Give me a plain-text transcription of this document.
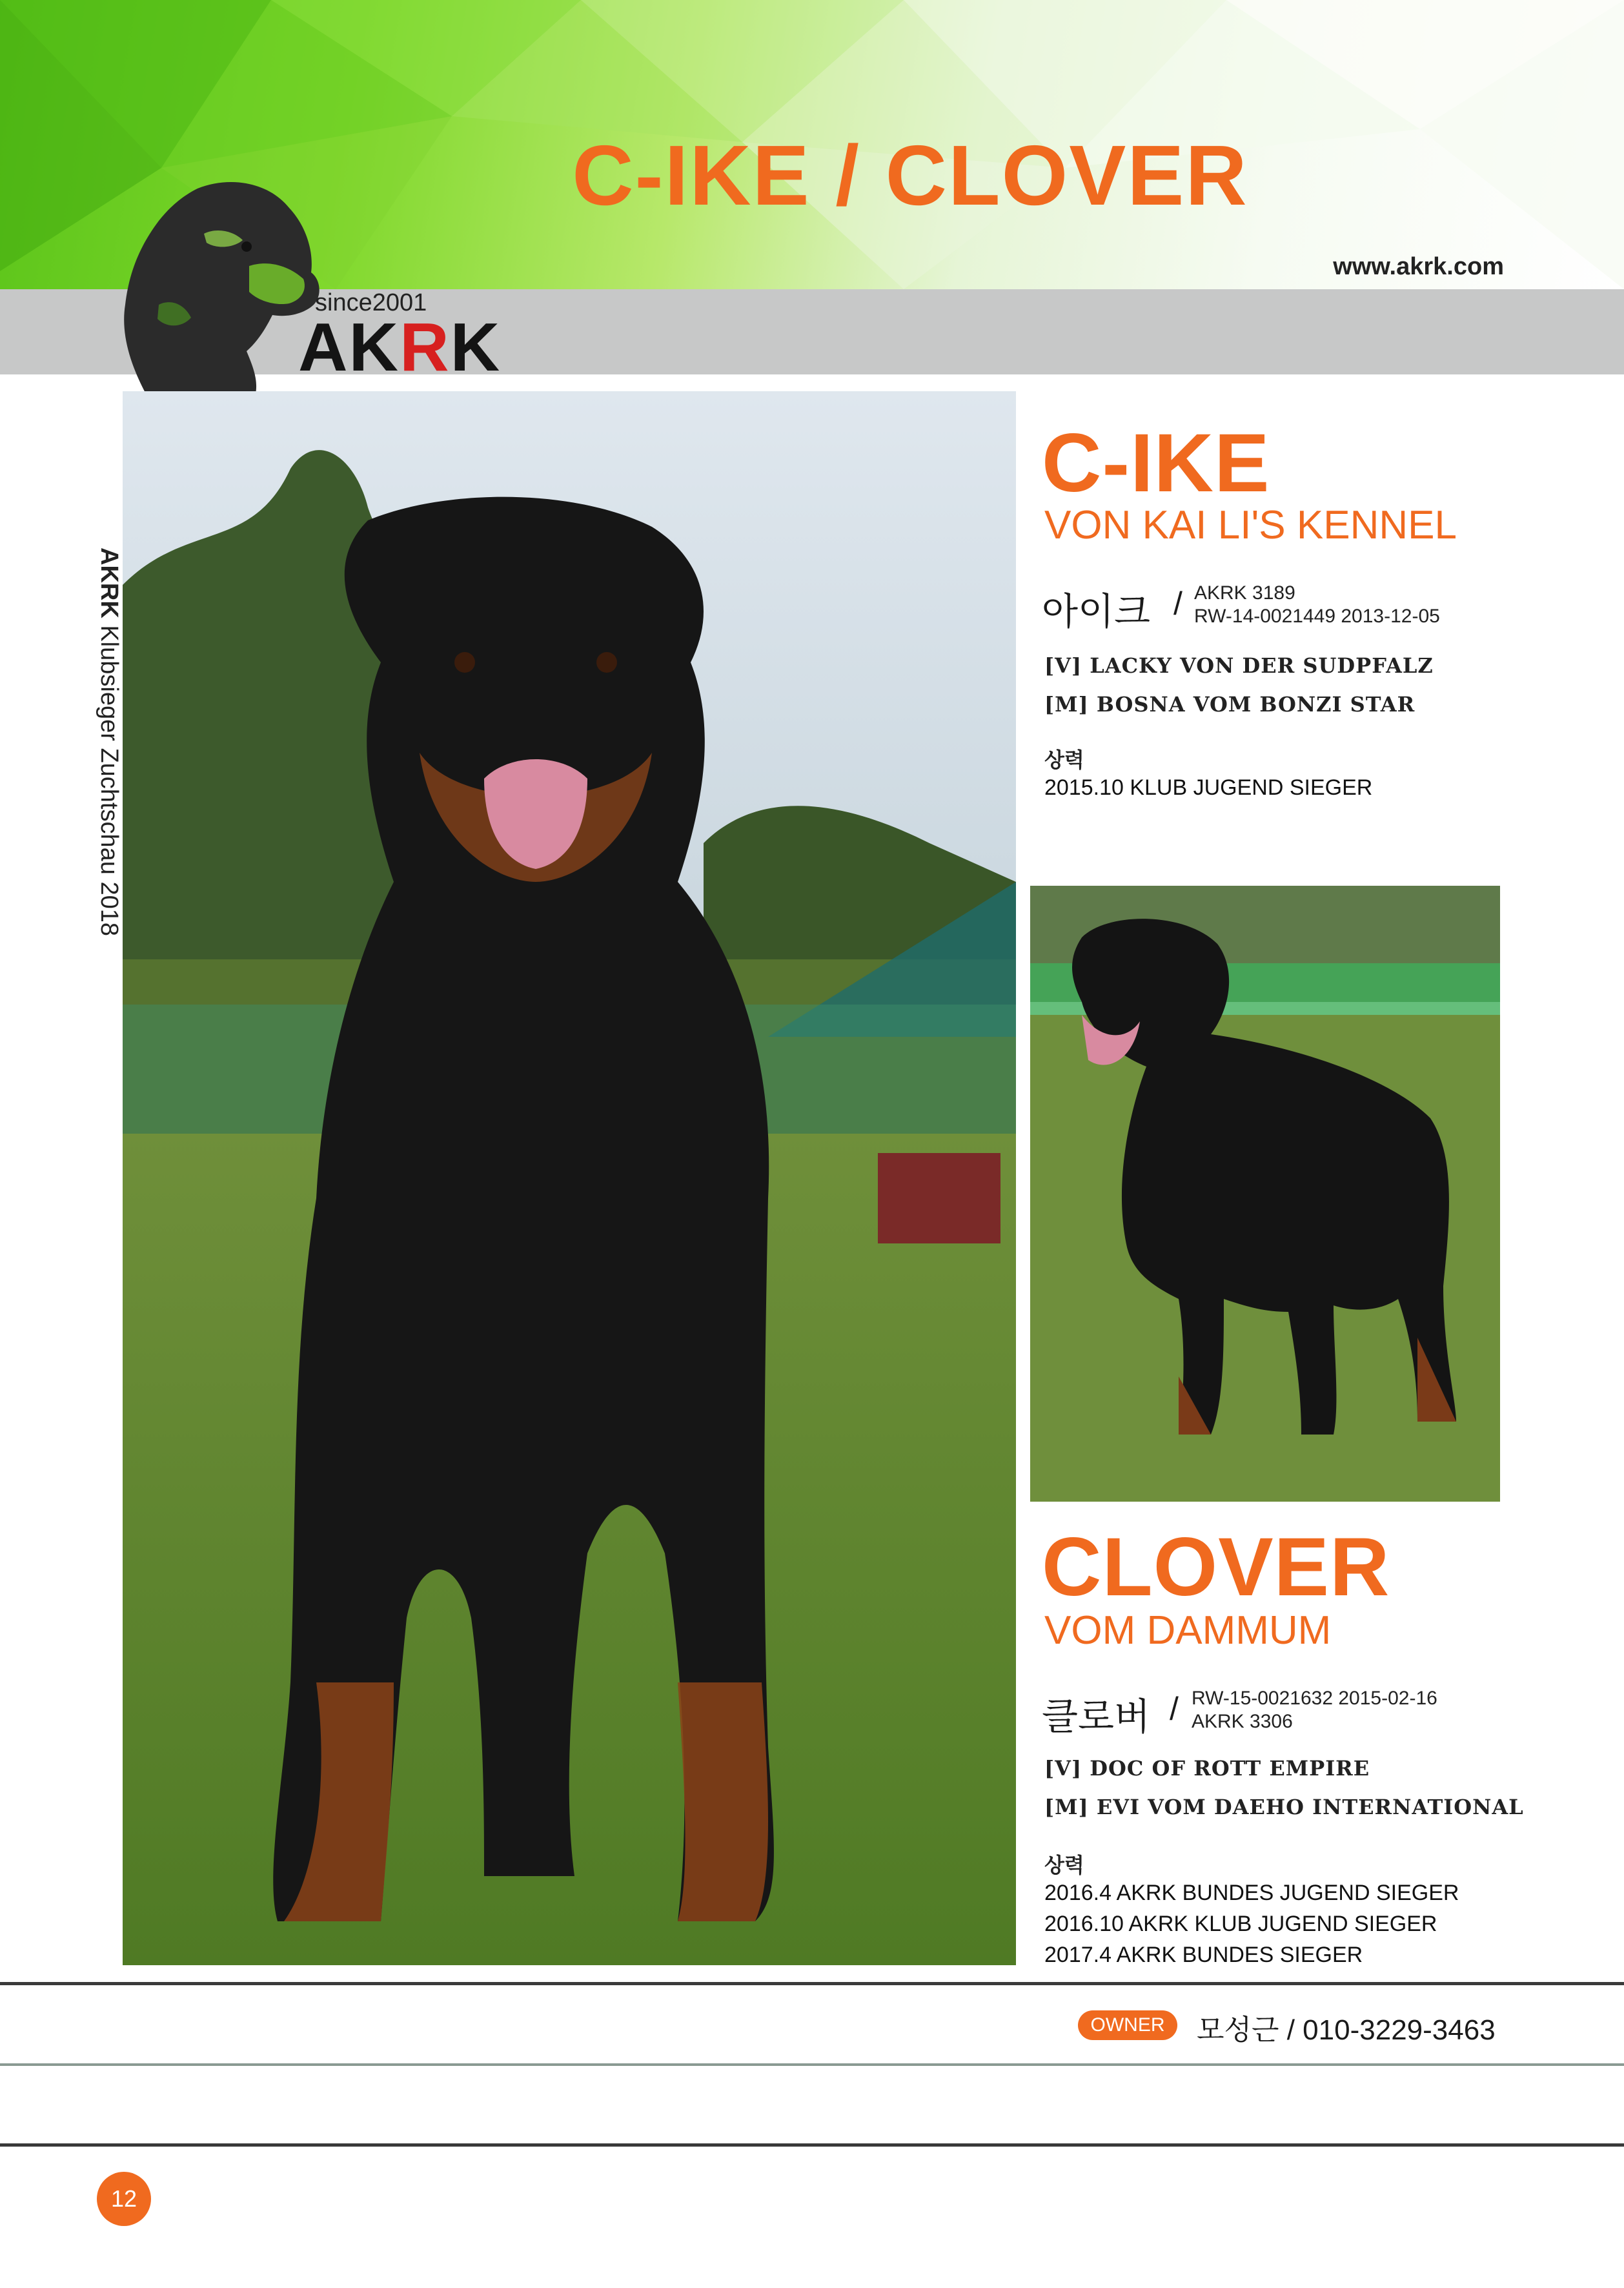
C-IKE / CLOVER
www.akrk.com
since2001
AKRK
AKRK Klubsieger Zuchtschau 2018
C-IKE
VON KAI LI'S KENNEL
아이크 / AKRK 3189
RW-14-0021449 2013-12-05
[V] LACKY VON DER SUDPFALZ
[M] BOSNA VOM BONZI STAR
상력
2015.10 KLUB JUGEND SIEGER
CLOVER
VOM DAMMUM
클로버 / RW-15-0021632 2015-02-16
AKRK 3306
[V] DOC OF ROTT EMPIRE
[M] EVI VOM DAEHO INTERNATIONAL
상력
2016.4 AKRK BUNDES JUGEND SIEGER
2016.10 AKRK KLUB JUGEND SIEGER
2017.4 AKRK BUNDES SIEGER
OWNER	모성근 / 010-3229-3463
12
